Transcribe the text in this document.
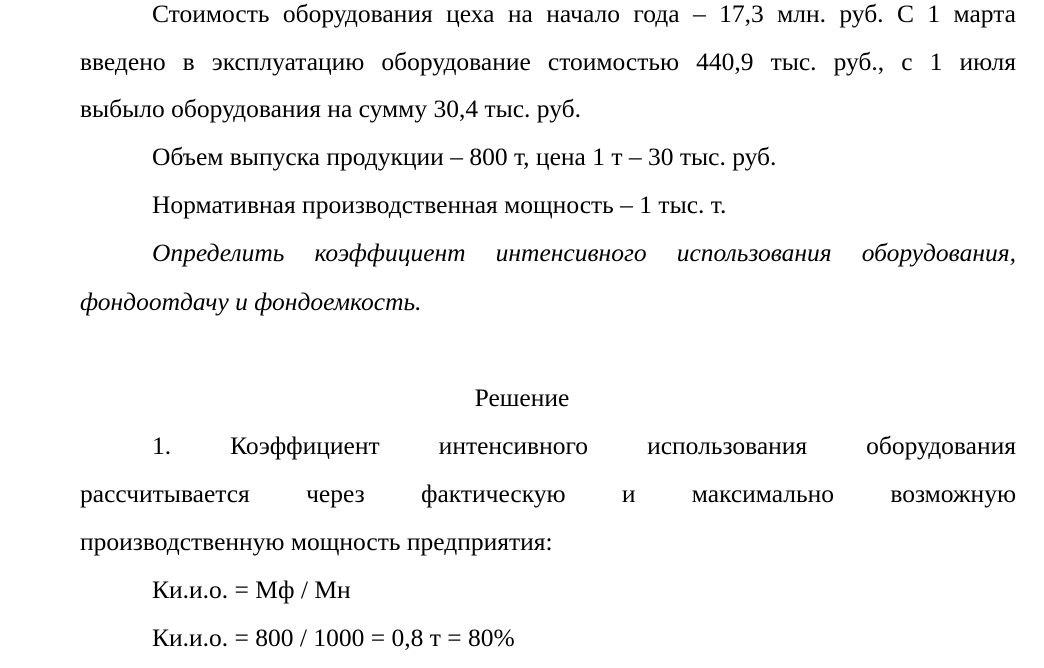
Стоимость оборудования цеха на начало года – 17,3 млн. руб. С 1 марта
введено в эксплуатацию оборудование стоимостью 440,9 тыс. руб., с 1 июля
выбыло оборудования на сумму 30,4 тыс. руб.
Объем выпуска продукции – 800 т, цена 1 т – 30 тыс. руб.
Нормативная производственная мощность – 1 тыс. т.
Определить коэффициент интенсивного использования оборудования,
фондоотдачу и фондоемкость.
Решение
1. Коэффициент интенсивного использования оборудования
рассчитывается через фактическую и максимально возможную
производственную мощность предприятия:
Ки.и.о. = Мф / Мн
Ки.и.о. = 800 / 1000 = 0,8 т = 80%
